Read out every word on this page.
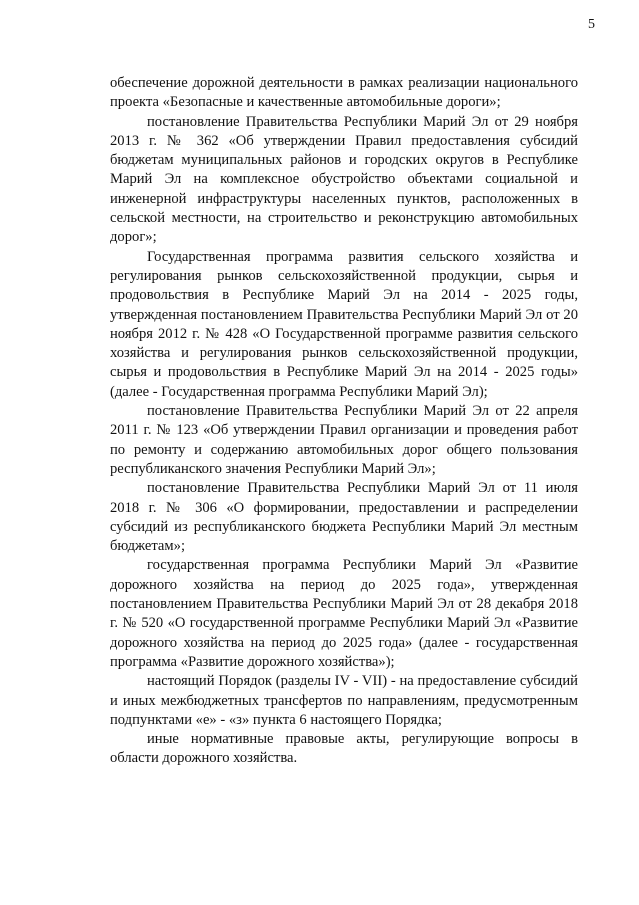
5

обеспечение дорожной деятельности в рамках реализации национального проекта «Безопасные и качественные автомобильные дороги»;

постановление Правительства Республики Марий Эл от 29 ноября 2013 г. № 362 «Об утверждении Правил предоставления субсидий бюджетам муниципальных районов и городских округов в Республике Марий Эл на комплексное обустройство объектами социальной и инженерной инфраструктуры населенных пунктов, расположенных в сельской местности, на строительство и реконструкцию автомобильных дорог»;

Государственная программа развития сельского хозяйства и регулирования рынков сельскохозяйственной продукции, сырья и продовольствия в Республике Марий Эл на 2014 - 2025 годы, утвержденная постановлением Правительства Республики Марий Эл от 20 ноября 2012 г. № 428 «О Государственной программе развития сельского хозяйства и регулирования рынков сельскохозяйственной продукции, сырья и продовольствия в Республике Марий Эл на 2014 - 2025 годы» (далее - Государственная программа Республики Марий Эл);

постановление Правительства Республики Марий Эл от 22 апреля 2011 г. № 123 «Об утверждении Правил организации и проведения работ по ремонту и содержанию автомобильных дорог общего пользования республиканского значения Республики Марий Эл»;

постановление Правительства Республики Марий Эл от 11 июля 2018 г. № 306 «О формировании, предоставлении и распределении субсидий из республиканского бюджета Республики Марий Эл местным бюджетам»;

государственная программа Республики Марий Эл «Развитие дорожного хозяйства на период до 2025 года», утвержденная постановлением Правительства Республики Марий Эл от 28 декабря 2018 г. № 520 «О государственной программе Республики Марий Эл «Развитие дорожного хозяйства на период до 2025 года» (далее - государственная программа «Развитие дорожного хозяйства»);

настоящий Порядок (разделы IV - VII) - на предоставление субсидий и иных межбюджетных трансфертов по направлениям, предусмотренным подпунктами «е» - «з» пункта 6 настоящего Порядка;

иные нормативные правовые акты, регулирующие вопросы в области дорожного хозяйства.
